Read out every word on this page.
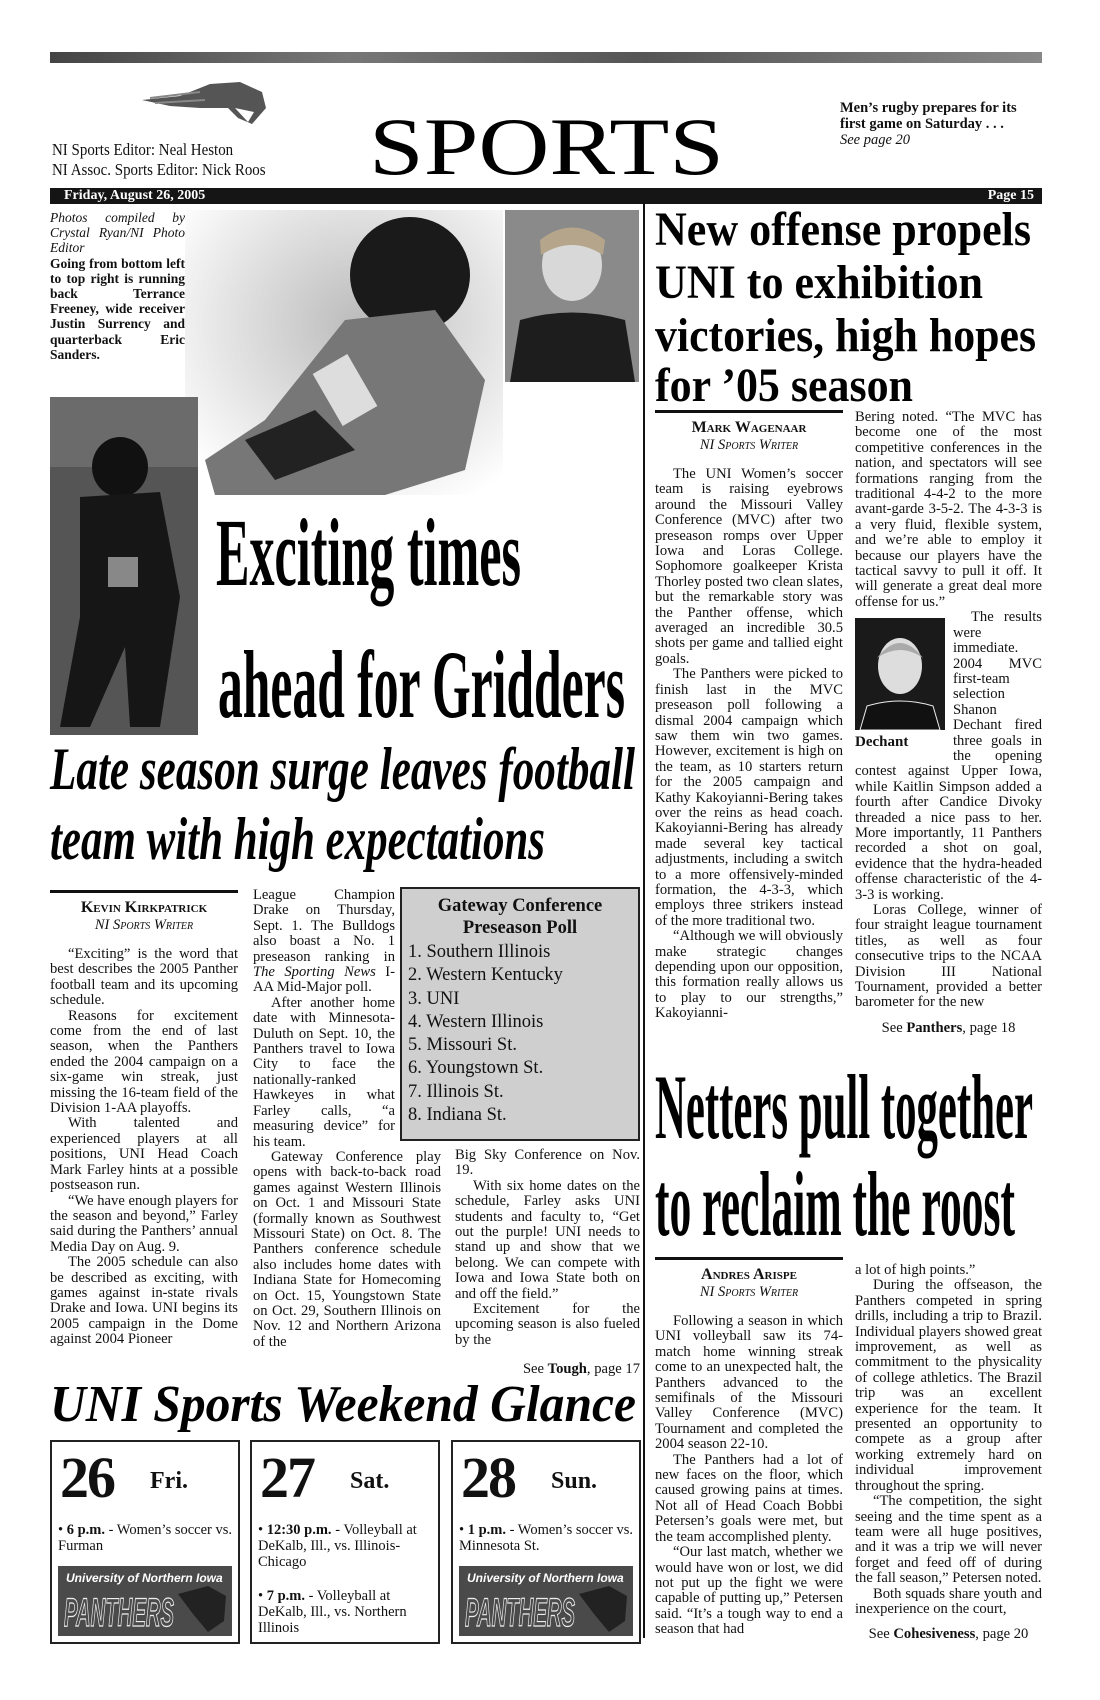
NI Sports Editor: Neal Heston
NI Assoc. Sports Editor: Nick Roos SPORTS	Men’s rugby prepares for its first game on Saturday . . .
See page 20
Friday, August 26, 2005	Page 15
Photos compiled by Crystal Ryan/NI Photo Editor
Going from bottom left to top right is running back Terrance Freeney, wide receiver Justin Surrency and quarterback Eric Sanders.
Exciting times
ahead for Gridders
Late season surge leaves football
team with high expectations
Kevin Kirkpatrick
NI Sports Writer

“Exciting” is the word that best describes the 2005 Panther football team and its upcoming schedule.

Reasons for excitement come from the end of last season, when the Panthers ended the 2004 campaign on a six-game win streak, just missing the 16-team field of the Division 1-AA playoffs.

With talented and experienced players at all positions, UNI Head Coach Mark Farley hints at a possible postseason run.

“We have enough players for the season and beyond,” Farley said during the Panthers’ annual Media Day on Aug. 9.

The 2005 schedule can also be described as exciting, with games against in-state rivals Drake and Iowa. UNI begins its 2005 campaign in the Dome against 2004 Pioneer

League Champion Drake on Thursday, Sept. 1. The Bulldogs also boast a No. 1 preseason ranking in The Sporting News I-AA Mid-Major poll.

After another home date with Minnesota-Duluth on Sept. 10, the Panthers travel to Iowa City to face the nationally-ranked Hawkeyes in what Farley calls, “a measuring device” for his team.

Gateway Conference play opens with back-to-back road games against Western Illinois on Oct. 1 and Missouri State (formally known as Southwest Missouri State) on Oct. 8. The Panthers conference schedule also includes home dates with Indiana State for Homecoming on Oct. 15, Youngstown State on Oct. 29, Southern Illinois on Nov. 12 and Northern Arizona of the

Gateway Conference Preseason Poll
1. Southern Illinois
2. Western Kentucky
3. UNI
4. Western Illinois
5. Missouri St.
6. Youngstown St.
7. Illinois St.
8. Indiana St.

Big Sky Conference on Nov. 19.

With six home dates on the schedule, Farley asks UNI students and faculty to, “Get out the purple! UNI needs to stand up and show that we belong. We can compete with Iowa and Iowa State both on and off the field.”

Excitement for the upcoming season is also fueled by the

See Tough, page 17
UNI Sports Weekend Glance
26 Fri.
• 6 p.m. - Women’s soccer vs. Furman
University of Northern Iowa
PANTHERS
27 Sat.
• 12:30 p.m. - Volleyball at DeKalb, Ill., vs. Illinois-Chicago
• 7 p.m. - Volleyball at DeKalb, Ill., vs. Northern Illinois
28 Sun.
• 1 p.m. - Women’s soccer vs. Minnesota St.
University of Northern Iowa
PANTHERS
New offense propels
UNI to exhibition
victories, high hopes
for ’05 season
Mark Wagenaar
NI Sports Writer

The UNI Women’s soccer team is raising eyebrows around the Missouri Valley Conference (MVC) after two preseason romps over Upper Iowa and Loras College. Sophomore goalkeeper Krista Thorley posted two clean slates, but the remarkable story was the Panther offense, which averaged an incredible 30.5 shots per game and tallied eight goals.

The Panthers were picked to finish last in the MVC preseason poll following a dismal 2004 campaign which saw them win two games. However, excitement is high on the team, as 10 starters return for the 2005 campaign and Kathy Kakoyianni-Bering takes over the reins as head coach. Kakoyianni-Bering has already made several key tactical adjustments, including a switch to a more offensively-minded formation, the 4-3-3, which employs three strikers instead of the more traditional two.

“Although we will obviously make strategic changes depending upon our opposition, this formation really allows us to play to our strengths,” Kakoyianni-

Bering noted. “The MVC has become one of the most competitive conferences in the nation, and spectators will see formations ranging from the traditional 4-4-2 to the more avant-garde 3-5-2. The 4-3-3 is a very fluid, flexible system, and we’re able to employ it because our players have the tactical savvy to pull it off. It will generate a great deal more offense for us.”

Dechant

The results were immediate. 2004 MVC first-team selection Shanon Dechant fired three goals in the opening contest against Upper Iowa, while Kaitlin Simpson added a fourth after Candice Divoky threaded a nice pass to her. More importantly, 11 Panthers recorded a shot on goal, evidence that the hydra-headed offense characteristic of the 4-3-3 is working.

Loras College, winner of four straight league tournament titles, as well as four consecutive trips to the NCAA Division III National Tournament, provided a better barometer for the new

See Panthers, page 18
Netters pull together
to reclaim the roost
Andres Arispe
NI Sports Writer

Following a season in which UNI volleyball saw its 74-match home winning streak come to an unexpected halt, the Panthers advanced to the semifinals of the Missouri Valley Conference (MVC) Tournament and completed the 2004 season 22-10.

The Panthers had a lot of new faces on the floor, which caused growing pains at times. Not all of Head Coach Bobbi Petersen’s goals were met, but the team accomplished plenty.

“Our last match, whether we would have won or lost, we did not put up the fight we were capable of putting up,” Petersen said. “It’s a tough way to end a season that had

a lot of high points.”

During the offseason, the Panthers competed in spring drills, including a trip to Brazil. Individual players showed great improvement, as well as commitment to the physicality of college athletics. The Brazil trip was an excellent experience for the team. It presented an opportunity to compete as a group after working extremely hard on individual improvement throughout the spring.

“The competition, the sight seeing and the time spent as a team were all huge positives, and it was a trip we will never forget and feed off of during the fall season,” Petersen noted.

Both squads share youth and inexperience on the court,

See Cohesiveness, page 20
